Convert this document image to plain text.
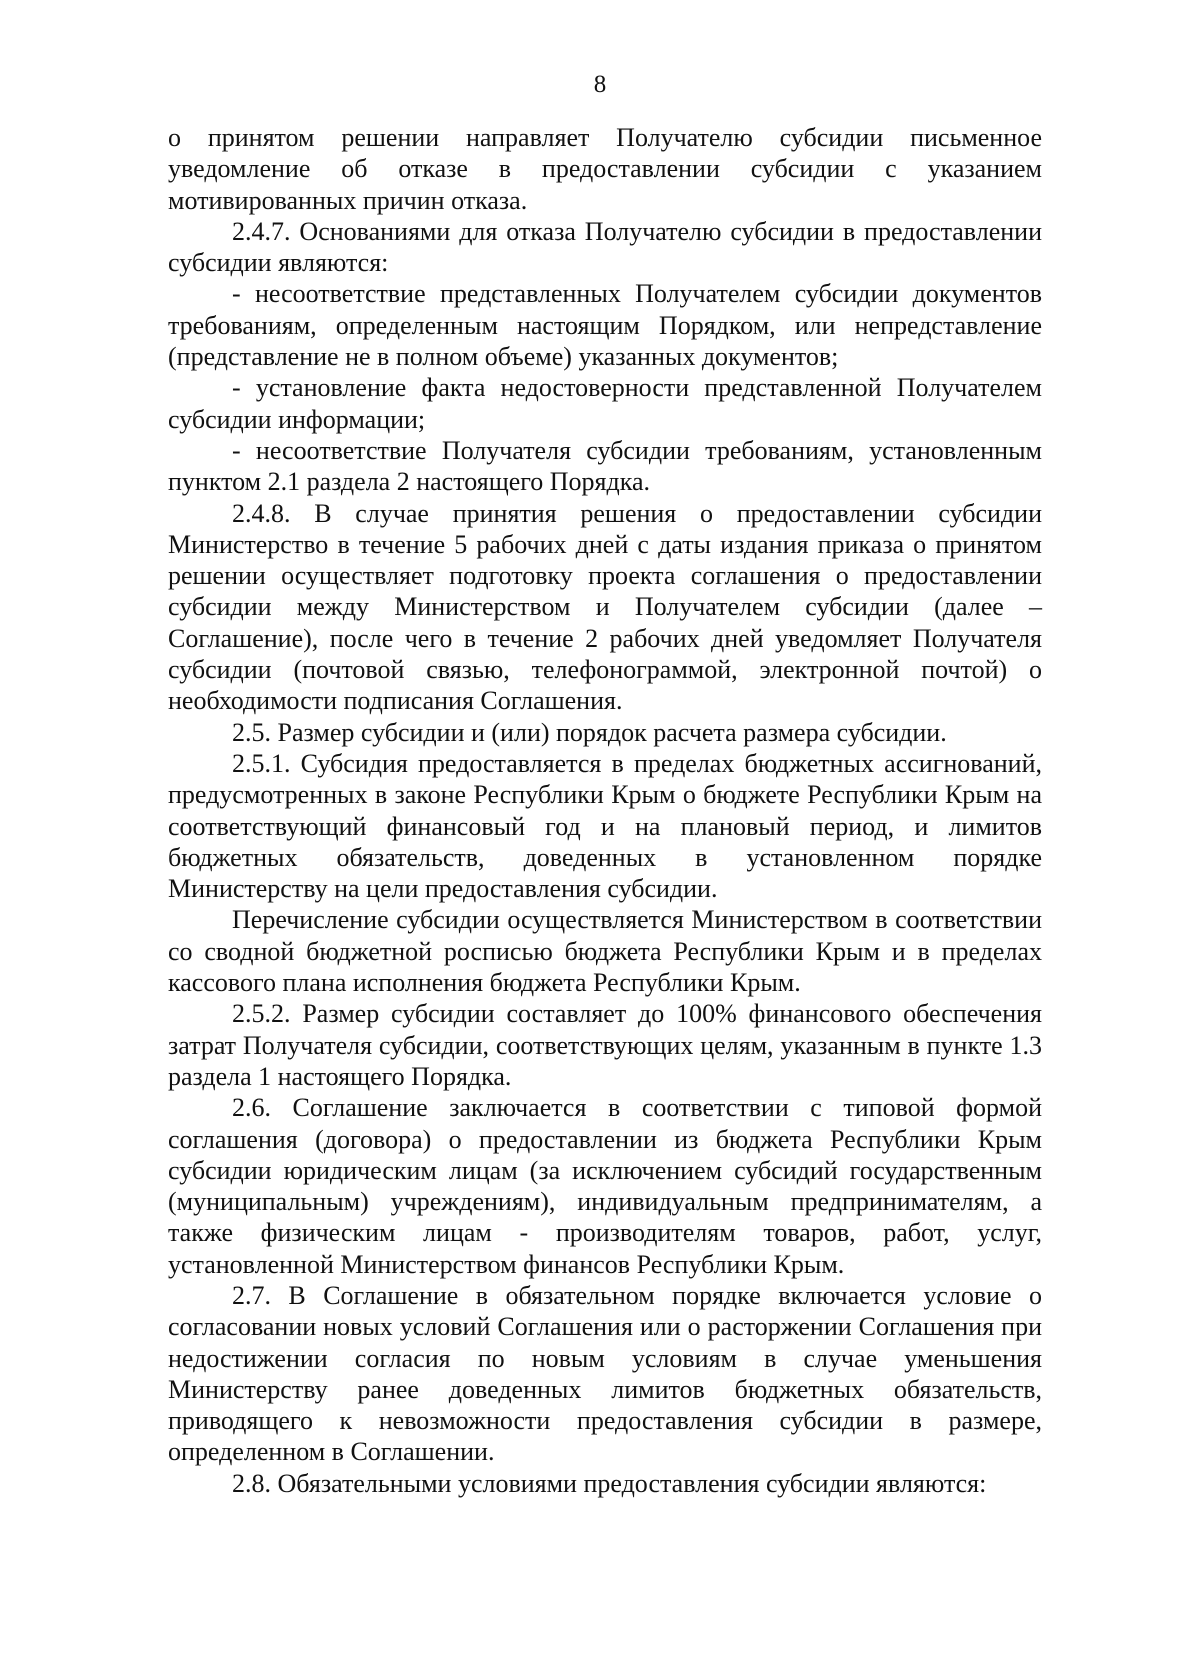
8

о принятом решении направляет Получателю субсидии письменное уведомление об отказе в предоставлении субсидии с указанием мотивированных причин отказа.

2.4.7. Основаниями для отказа Получателю субсидии в предоставлении субсидии являются:

- несоответствие представленных Получателем субсидии документов требованиям, определенным настоящим Порядком, или непредставление (представление не в полном объеме) указанных документов;

- установление факта недостоверности представленной Получателем субсидии информации;

- несоответствие Получателя субсидии требованиям, установленным пунктом 2.1 раздела 2 настоящего Порядка.

2.4.8. В случае принятия решения о предоставлении субсидии Министерство в течение 5 рабочих дней с даты издания приказа о принятом решении осуществляет подготовку проекта соглашения о предоставлении субсидии между Министерством и Получателем субсидии (далее – Соглашение), после чего в течение 2 рабочих дней уведомляет Получателя субсидии (почтовой связью, телефонограммой, электронной почтой) о необходимости подписания Соглашения.

2.5. Размер субсидии и (или) порядок расчета размера субсидии.

2.5.1. Субсидия предоставляется в пределах бюджетных ассигнований, предусмотренных в законе Республики Крым о бюджете Республики Крым на соответствующий финансовый год и на плановый период, и лимитов бюджетных обязательств, доведенных в установленном порядке Министерству на цели предоставления субсидии.

Перечисление субсидии осуществляется Министерством в соответствии со сводной бюджетной росписью бюджета Республики Крым и в пределах кассового плана исполнения бюджета Республики Крым.

2.5.2. Размер субсидии составляет до 100% финансового обеспечения затрат Получателя субсидии, соответствующих целям, указанным в пункте 1.3 раздела 1 настоящего Порядка.

2.6. Соглашение заключается в соответствии с типовой формой соглашения (договора) о предоставлении из бюджета Республики Крым субсидии юридическим лицам (за исключением субсидий государственным (муниципальным) учреждениям), индивидуальным предпринимателям, а также физическим лицам - производителям товаров, работ, услуг, установленной Министерством финансов Республики Крым.

2.7. В Соглашение в обязательном порядке включается условие о согласовании новых условий Соглашения или о расторжении Соглашения при недостижении согласия по новым условиям в случае уменьшения Министерству ранее доведенных лимитов бюджетных обязательств, приводящего к невозможности предоставления субсидии в размере, определенном в Соглашении.

2.8. Обязательными условиями предоставления субсидии являются:
